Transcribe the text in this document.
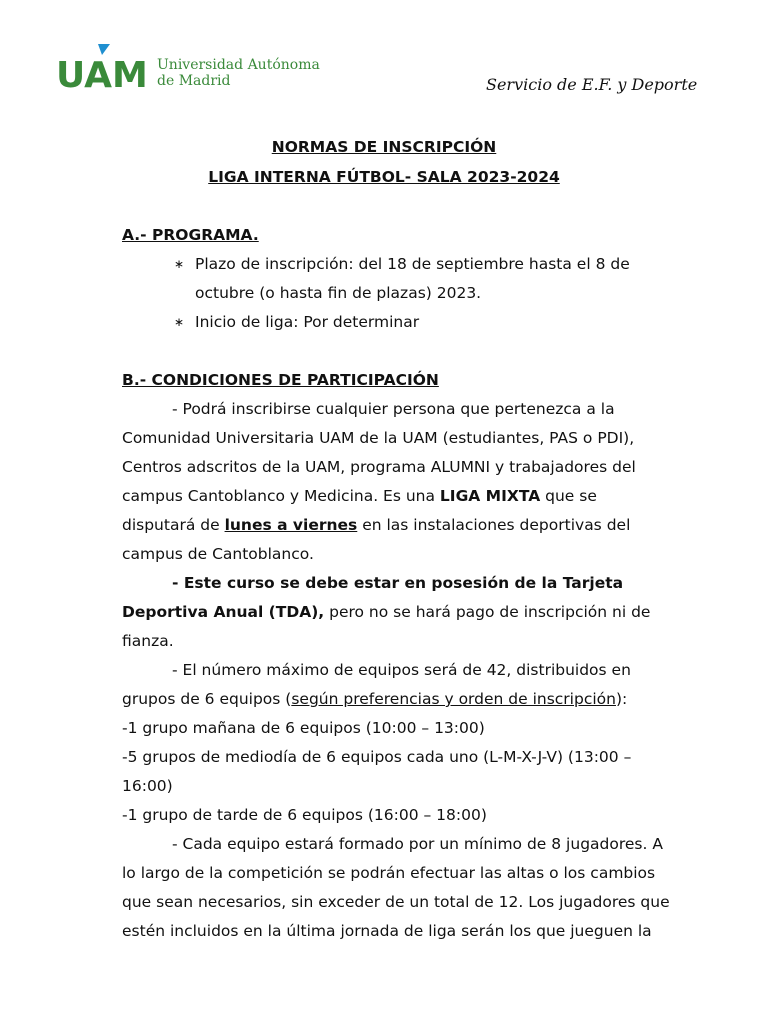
UAM Universidad Autónoma
de Madrid	Servicio de E.F. y Deporte
NORMAS DE INSCRIPCIÓN
LIGA INTERNA FÚTBOL- SALA 2023-2024
A.- PROGRAMA.
∗ Plazo de inscripción: del 18 de septiembre hasta el 8 de
octubre (o hasta fin de plazas) 2023.
∗ Inicio de liga: Por determinar
B.- CONDICIONES DE PARTICIPACIÓN
- Podrá inscribirse cualquier persona que pertenezca a la
Comunidad Universitaria UAM de la UAM (estudiantes, PAS o PDI),
Centros adscritos de la UAM, programa ALUMNI y trabajadores del
campus Cantoblanco y Medicina. Es una LIGA MIXTA que se
disputará de lunes a viernes en las instalaciones deportivas del
campus de Cantoblanco.
- Este curso se debe estar en posesión de la Tarjeta
Deportiva Anual (TDA), pero no se hará pago de inscripción ni de
fianza.
- El número máximo de equipos será de 42, distribuidos en
grupos de 6 equipos (según preferencias y orden de inscripción):
-1 grupo mañana de 6 equipos (10:00 – 13:00)
-5 grupos de mediodía de 6 equipos cada uno (L-M-X-J-V) (13:00 –
16:00)
-1 grupo de tarde de 6 equipos (16:00 – 18:00)
- Cada equipo estará formado por un mínimo de 8 jugadores. A
lo largo de la competición se podrán efectuar las altas o los cambios
que sean necesarios, sin exceder de un total de 12. Los jugadores que
estén incluidos en la última jornada de liga serán los que jueguen la
